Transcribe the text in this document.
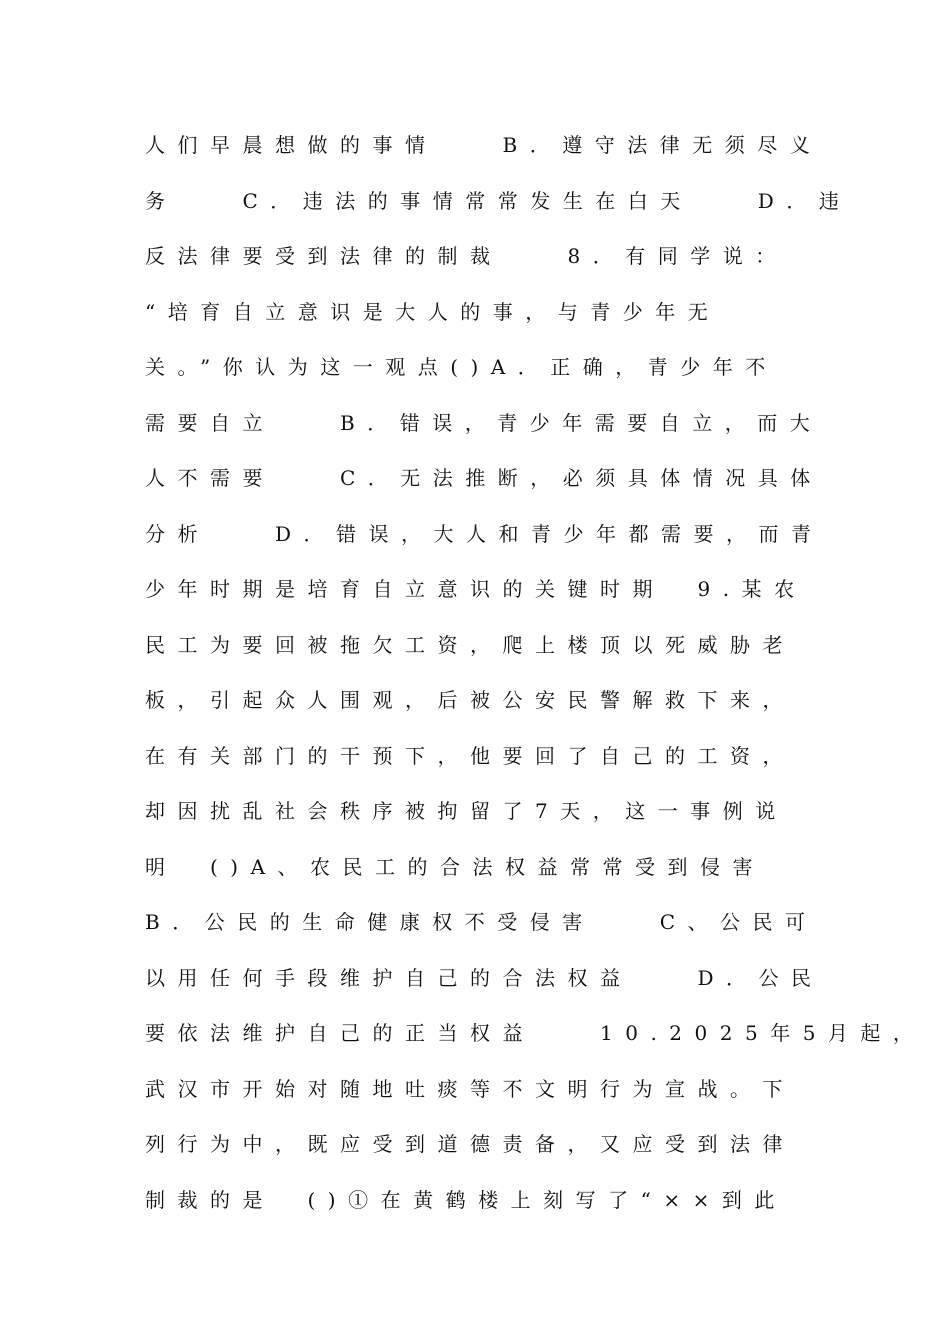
人们早晨想做的事情　　B．遵守法律无须尽义
务　　C．违法的事情常常发生在白天　　D．违
反法律要受到法律的制裁　　8．有同学说：
“培育自立意识是大人的事，与青少年无
关。”你认为这一观点()A．正确，青少年不
需要自立　　B．错误，青少年需要自立，而大
人不需要　　C．无法推断，必须具体情况具体
分析　　D．错误，大人和青少年都需要，而青
少年时期是培育自立意识的关键时期　9.某农
民工为要回被拖欠工资，爬上楼顶以死威胁老
板，引起众人围观，后被公安民警解救下来，
在有关部门的干预下，他要回了自己的工资，
却因扰乱社会秩序被拘留了7天，这一事例说
明　()A、农民工的合法权益常常受到侵害
B．公民的生命健康权不受侵害　　C、公民可
以用任何手段维护自己的合法权益　　D．公民
要依法维护自己的正当权益　　10.2025年5月起，
武汉市开始对随地吐痰等不文明行为宣战。下
列行为中，既应受到道德责备，又应受到法律
制裁的是　()①在黄鹤楼上刻写了“××到此
